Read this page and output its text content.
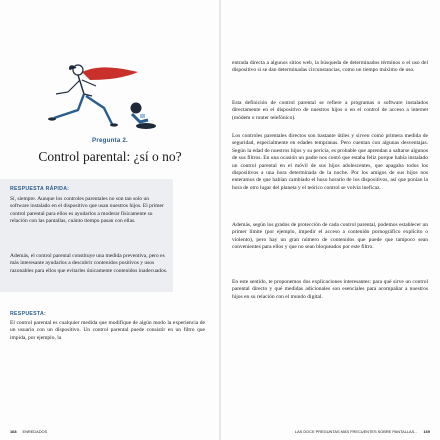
Pregunta 2.
Control parental: ¿sí o no?
RESPUESTA RÁPIDA:

Sí, siempre. Aunque los controles parentales no son tan solo un software instalado en el dispositivo que usan nuestros hijos. El primer control parental para ellos es ayudarlos a moderar físicamente su relación con las pantallas, cuánto tiempo pasan con ellas.

Además, el control parental constituye una medida preventiva, pero es más interesante ayudarlos a descubrir contenidos positivos y usos razonables para ellos que evitarles únicamente contenidos inadecuados.

RESPUESTA:

El control parental es cualquier medida que modifique de algún modo la experiencia de un usuario con un dispositivo. Un control parental puede consistir en un filtro que impida, por ejemplo, la

168 ENREDADOS

entrada directa a algunos sitios web, la búsqueda de determinados términos o el uso del dispositivo si se dan determinadas circunstancias, como un tiempo máximo de uso.

Esta definición de control parental se refiere a programas o software instalados directamente en el dispositivo de nuestros hijos o en el control de acceso a internet (módem o router telefónico).

Los controles parentales directos son bastante útiles y sirven como primera medida de seguridad, especialmente en edades tempranas. Pero cuentan con algunas desventajas. Según la edad de nuestros hijos y su pericia, es probable que aprendan a saltarse algunos de sus filtros. En una ocasión un padre nos contó que estaba feliz porque había instalado un control parental en el móvil de sus hijos adolescentes, que apagaba todos los dispositivos a una hora determinada de la noche. Por los amigos de sus hijos nos enteramos de que habían cambiado el huso horario de los dispositivos, así que ponían la hora de otro lugar del planeta y el teórico control se volvía ineficaz.

Además, según los grados de protección de cada control parental, podemos establecer un primer límite (por ejemplo, impedir el acceso a contenido pornográfico explícito o violento), pero hay un gran número de contenidos que puede que tampoco sean convenientes para ellos y que no sean bloqueados por este filtro.

En este sentido, te proponemos dos explicaciones interesantes: para qué sirve un control parental directo y qué medidas adicionales son esenciales para acompañar a nuestros hijos en su relación con el mundo digital.

LAS DOCE PREGUNTAS MÁS FRECUENTES SOBRE PANTALLAS... 169
